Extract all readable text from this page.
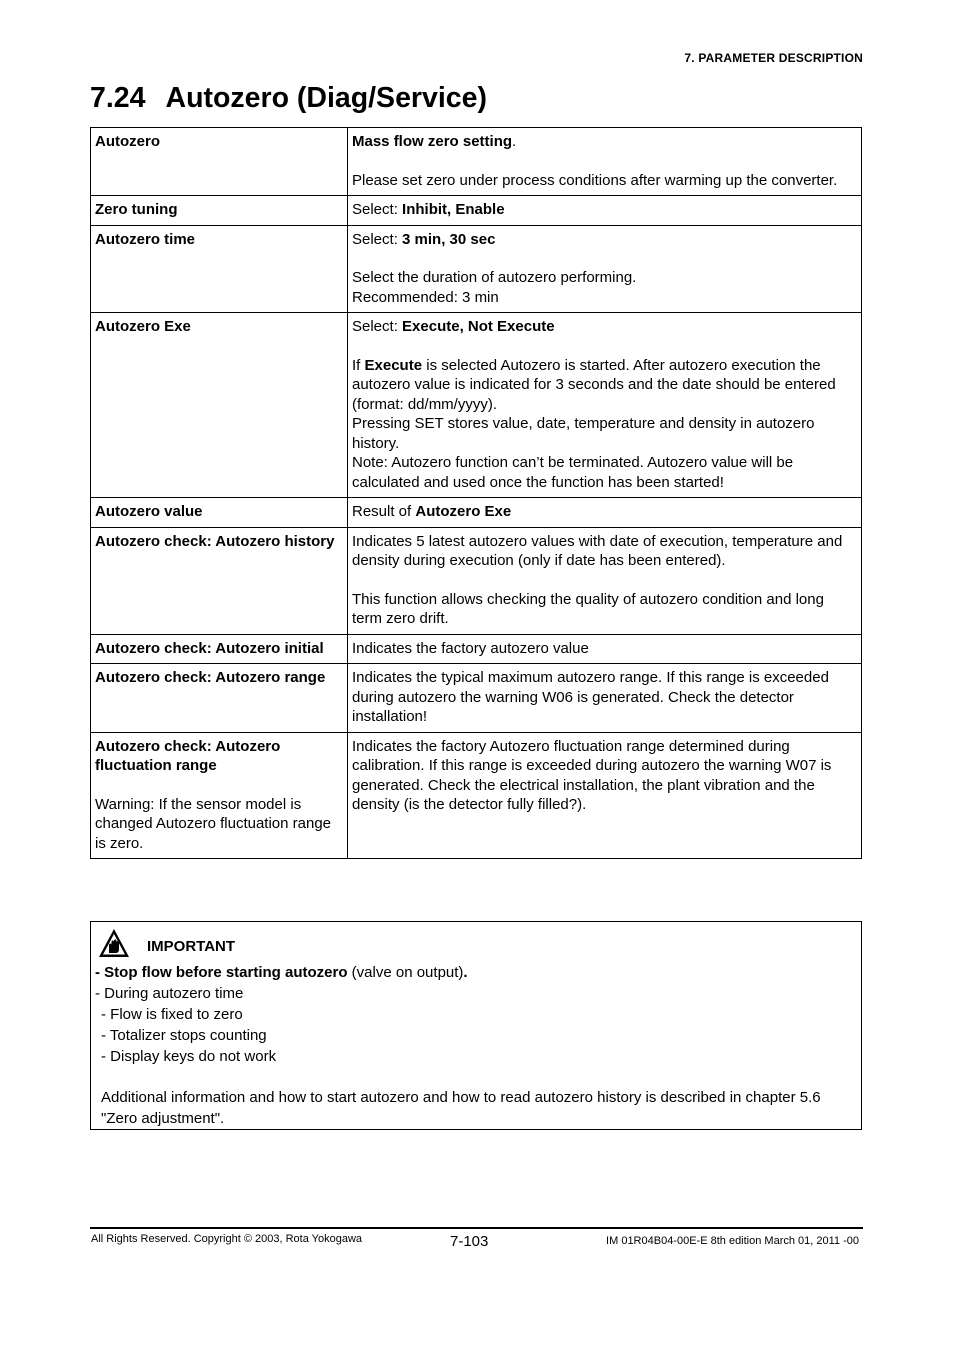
7. PARAMETER DESCRIPTION
7.24 Autozero (Diag/Service)
Autozero	Mass flow zero setting.

Please set zero under process conditions after warming up the converter.

Zero tuning	Select: Inhibit, Enable

Autozero time	Select: 3 min, 30 sec

Select the duration of autozero performing.
Recommended: 3 min

Autozero Exe	Select: Execute, Not Execute

If Execute is selected Autozero is started. After autozero execution the autozero value is indicated for 3 seconds and the date should be entered (format: dd/mm/yyyy).
Pressing SET stores value, date, temperature and density in autozero history.
Note: Autozero function can’t be terminated. Autozero value will be calculated and used once the function has been started!

Autozero value	Result of Autozero Exe

Autozero check: Autozero history	Indicates 5 latest autozero values with date of execution, temperature and density during execution (only if date has been entered).

This function allows checking the quality of autozero condition and long term zero drift.

Autozero check: Autozero initial	Indicates the factory autozero value

Autozero check: Autozero range	Indicates the typical maximum autozero range. If this range is exceeded during autozero the warning W06 is generated. Check the detector installation!

Autozero check: Autozero fluctuation range

Warning: If the sensor model is changed Autozero fluctuation range is zero.	Indicates the factory Autozero fluctuation range determined during calibration. If this range is exceeded during autozero the warning W07 is generated. Check the electrical installation, the plant vibration and the density (is the detector fully filled?).

IMPORTANT
- Stop flow before starting autozero (valve on output).
- During autozero time
- Flow is fixed to zero
- Totalizer stops counting
- Display keys do not work
Additional information and how to start autozero and how to read autozero history is described in chapter 5.6 "Zero adjustment".
All Rights Reserved. Copyright © 2003, Rota Yokogawa	7-103	IM 01R04B04-00E-E 8th edition March 01, 2011 -00
